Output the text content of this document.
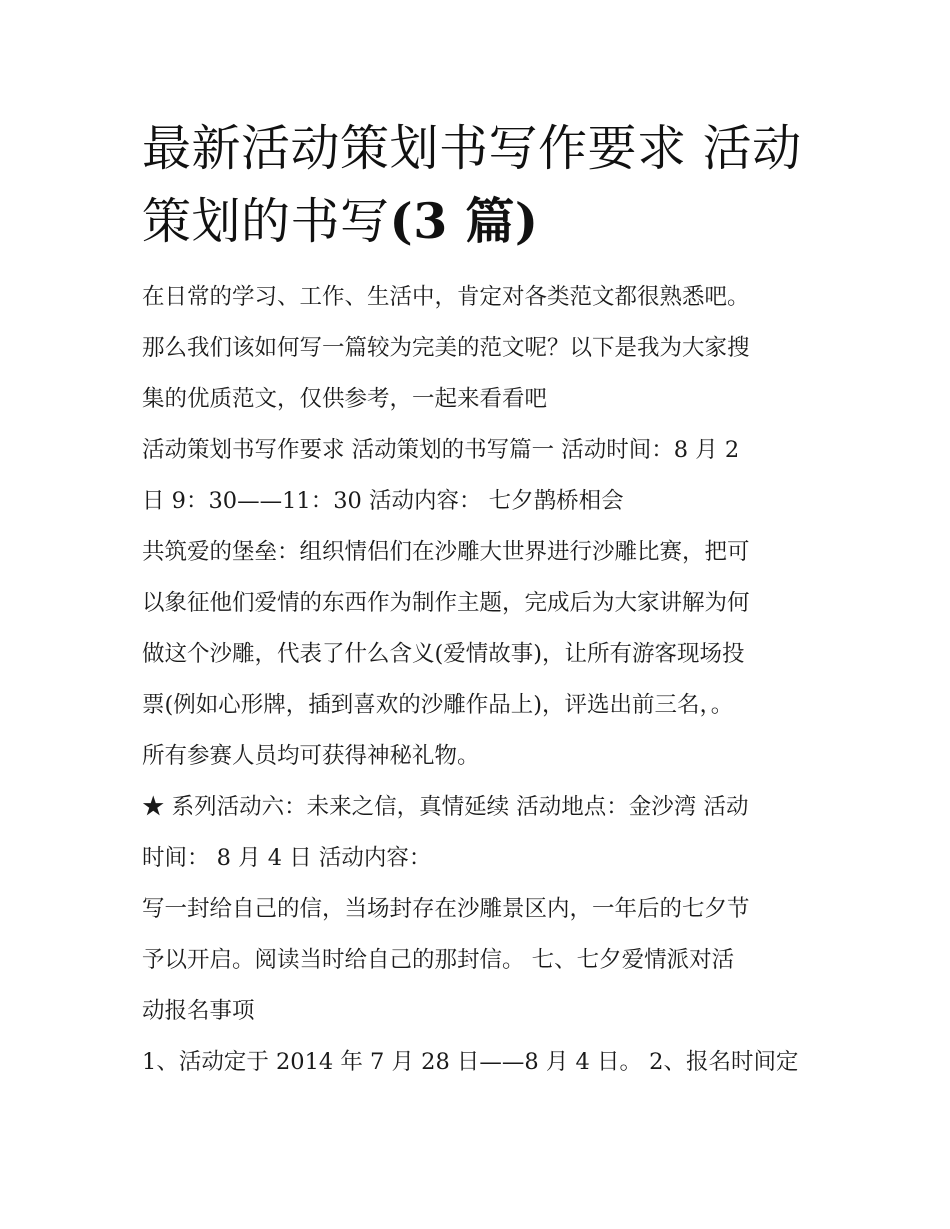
最新活动策划书写作要求 活动
策划的书写(3 篇)

在日常的学习、工作、生活中，肯定对各类范文都很熟悉吧。
那么我们该如何写一篇较为完美的范文呢？以下是我为大家搜
集的优质范文，仅供参考，一起来看看吧

活动策划书写作要求 活动策划的书写篇一 活动时间：8 月 2
日 9：30——11：30 活动内容： 七夕鹊桥相会

共筑爱的堡垒：组织情侣们在沙雕大世界进行沙雕比赛，把可
以象征他们爱情的东西作为制作主题，完成后为大家讲解为何
做这个沙雕，代表了什么含义(爱情故事)，让所有游客现场投
票(例如心形牌，插到喜欢的沙雕作品上)，评选出前三名，。
所有参赛人员均可获得神秘礼物。

★ 系列活动六：未来之信，真情延续 活动地点：金沙湾 活动
时间： 8 月 4 日 活动内容：

写一封给自己的信，当场封存在沙雕景区内，一年后的七夕节
予以开启。阅读当时给自己的那封信。 七、七夕爱情派对活
动报名事项

1、活动定于 2014 年 7 月 28 日——8 月 4 日。 2、报名时间定
